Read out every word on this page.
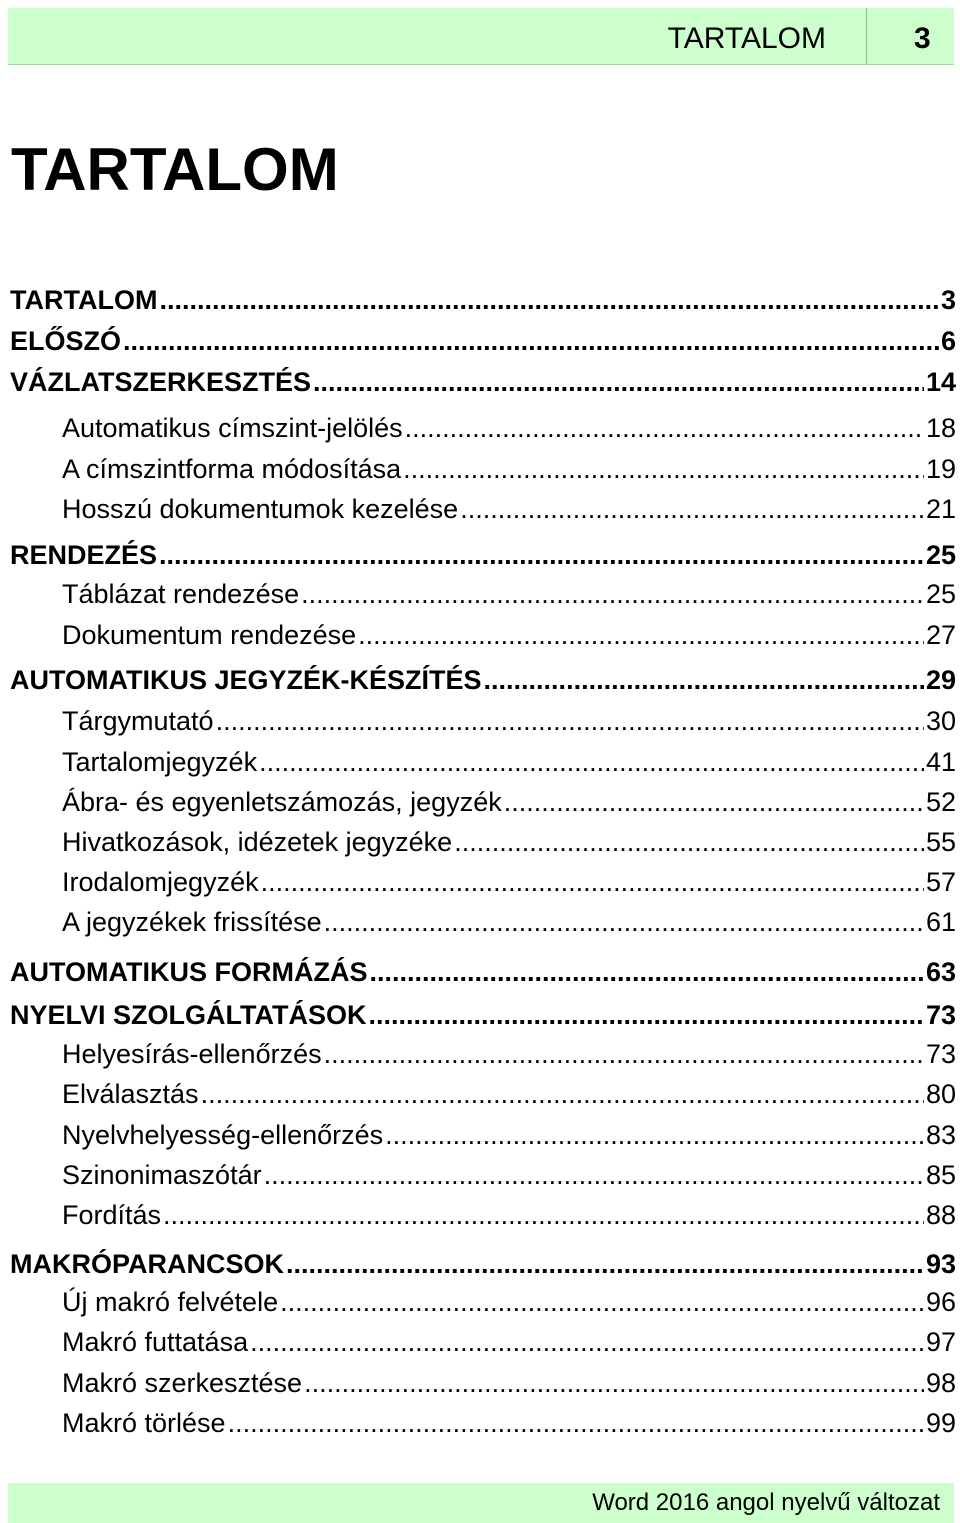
TARTALOM	3
TARTALOM
TARTALOM .....	3
ELŐSZÓ .....	6
VÁZLATSZERKESZTÉS .....	14
Automatikus címszint-jelölés .....	18
A címszintforma módosítása .....	19
Hosszú dokumentumok kezelése .....	21
RENDEZÉS .....	25
Táblázat rendezése .....	25
Dokumentum rendezése .....	27
AUTOMATIKUS JEGYZÉK-KÉSZÍTÉS .....	29
Tárgymutató .....	30
Tartalomjegyzék .....	41
Ábra- és egyenletszámozás, jegyzék .....	52
Hivatkozások, idézetek jegyzéke .....	55
Irodalomjegyzék .....	57
A jegyzékek frissítése .....	61
AUTOMATIKUS FORMÁZÁS .....	63
NYELVI SZOLGÁLTATÁSOK .....	73
Helyesírás-ellenőrzés .....	73
Elválasztás .....	80
Nyelvhelyesség-ellenőrzés .....	83
Szinonimaszótár .....	85
Fordítás .....	88
MAKRÓPARANCSOK .....	93
Új makró felvétele .....	96
Makró futtatása .....	97
Makró szerkesztése .....	98
Makró törlése .....	99
Word 2016 angol nyelvű változat
